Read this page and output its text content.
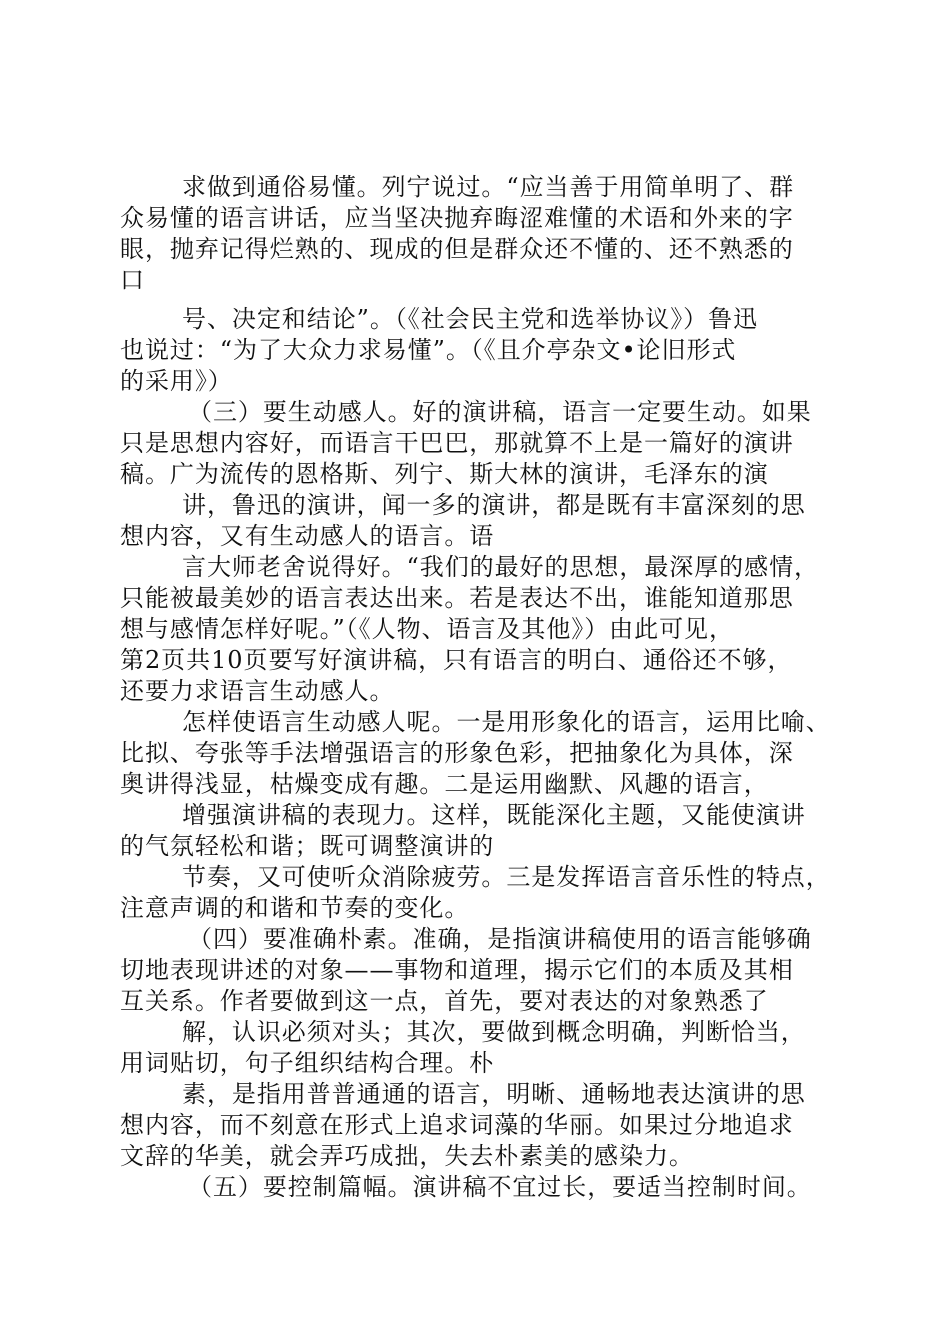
求做到通俗易懂。列宁说过。“应当善于用简单明了、群
众易懂的语言讲话，应当坚决抛弃晦涩难懂的术语和外来的字
眼，抛弃记得烂熟的、现成的但是群众还不懂的、还不熟悉的
口
号、决定和结论”。（《社会民主党和选举协议》）鲁迅
也说过：“为了大众力求易懂”。（《且介亭杂文•论旧形式
的采用》）
（三）要生动感人。好的演讲稿，语言一定要生动。如果
只是思想内容好，而语言干巴巴，那就算不上是一篇好的演讲
稿。广为流传的恩格斯、列宁、斯大林的演讲，毛泽东的演
讲，鲁迅的演讲，闻一多的演讲，都是既有丰富深刻的思
想内容，又有生动感人的语言。语
言大师老舍说得好。“我们的最好的思想，最深厚的感情，
只能被最美妙的语言表达出来。若是表达不出，谁能知道那思
想与感情怎样好呢。”（《人物、语言及其他》）由此可见，
第2页共10页要写好演讲稿，只有语言的明白、通俗还不够，
还要力求语言生动感人。
怎样使语言生动感人呢。一是用形象化的语言，运用比喻、
比拟、夸张等手法增强语言的形象色彩，把抽象化为具体，深
奥讲得浅显，枯燥变成有趣。二是运用幽默、风趣的语言，
增强演讲稿的表现力。这样，既能深化主题，又能使演讲
的气氛轻松和谐；既可调整演讲的
节奏，又可使听众消除疲劳。三是发挥语言音乐性的特点，
注意声调的和谐和节奏的变化。
（四）要准确朴素。准确，是指演讲稿使用的语言能够确
切地表现讲述的对象——事物和道理，揭示它们的本质及其相
互关系。作者要做到这一点，首先，要对表达的对象熟悉了
解，认识必须对头；其次，要做到概念明确，判断恰当，
用词贴切，句子组织结构合理。朴
素，是指用普普通通的语言，明晰、通畅地表达演讲的思
想内容，而不刻意在形式上追求词藻的华丽。如果过分地追求
文辞的华美，就会弄巧成拙，失去朴素美的感染力。
（五）要控制篇幅。演讲稿不宜过长，要适当控制时间。
